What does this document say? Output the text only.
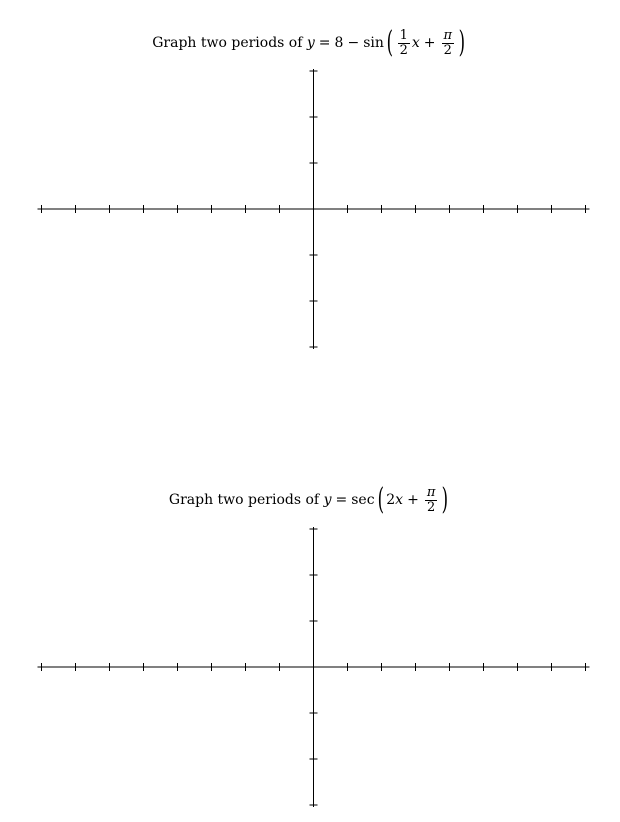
Graph two periods of
y = 8 − sin ( $\frac{1}{2}$ $x + \frac{\pi}{2}$ )
Graph two periods of
y = sec ( 2 $x + \frac{\pi}{2}$ )
